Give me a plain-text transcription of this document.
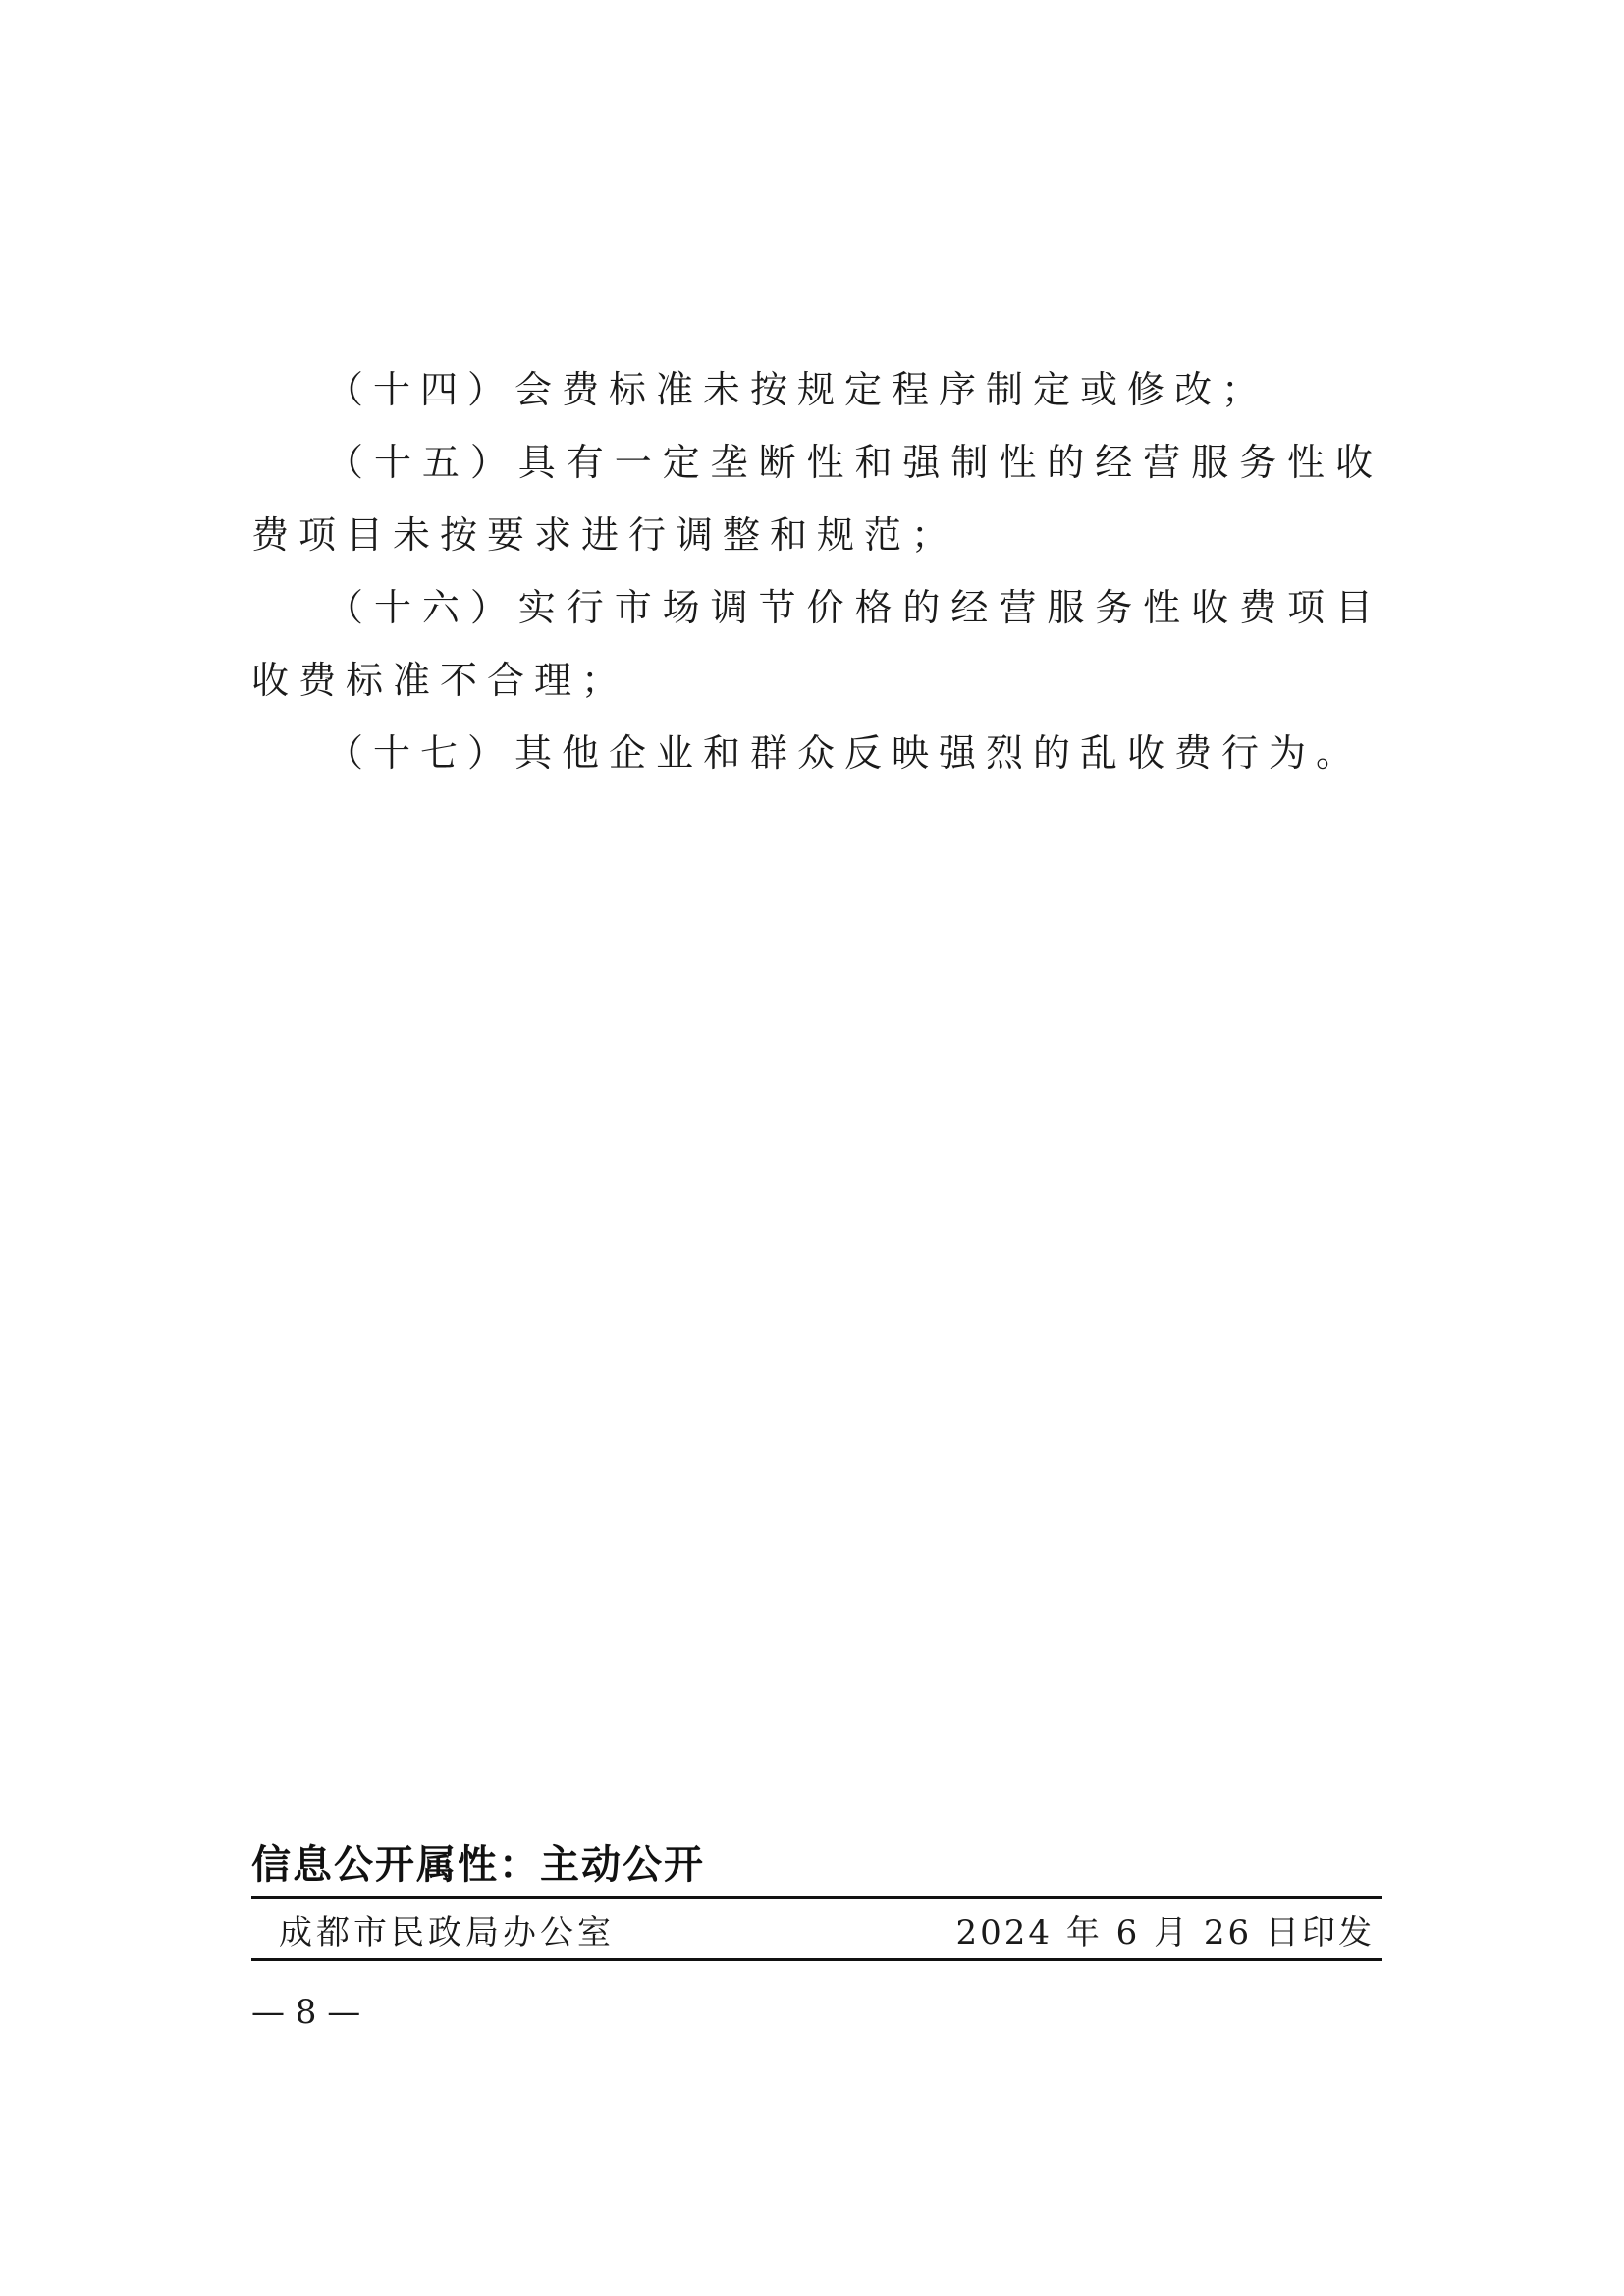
（十四）会费标准未按规定程序制定或修改；

（十五）具有一定垄断性和强制性的经营服务性收费项目未按要求进行调整和规范；

（十六）实行市场调节价格的经营服务性收费项目收费标准不合理；

（十七）其他企业和群众反映强烈的乱收费行为。

信息公开属性：主动公开
成都市民政局办公室	2024 年 6 月 26 日印发
— 8 —
